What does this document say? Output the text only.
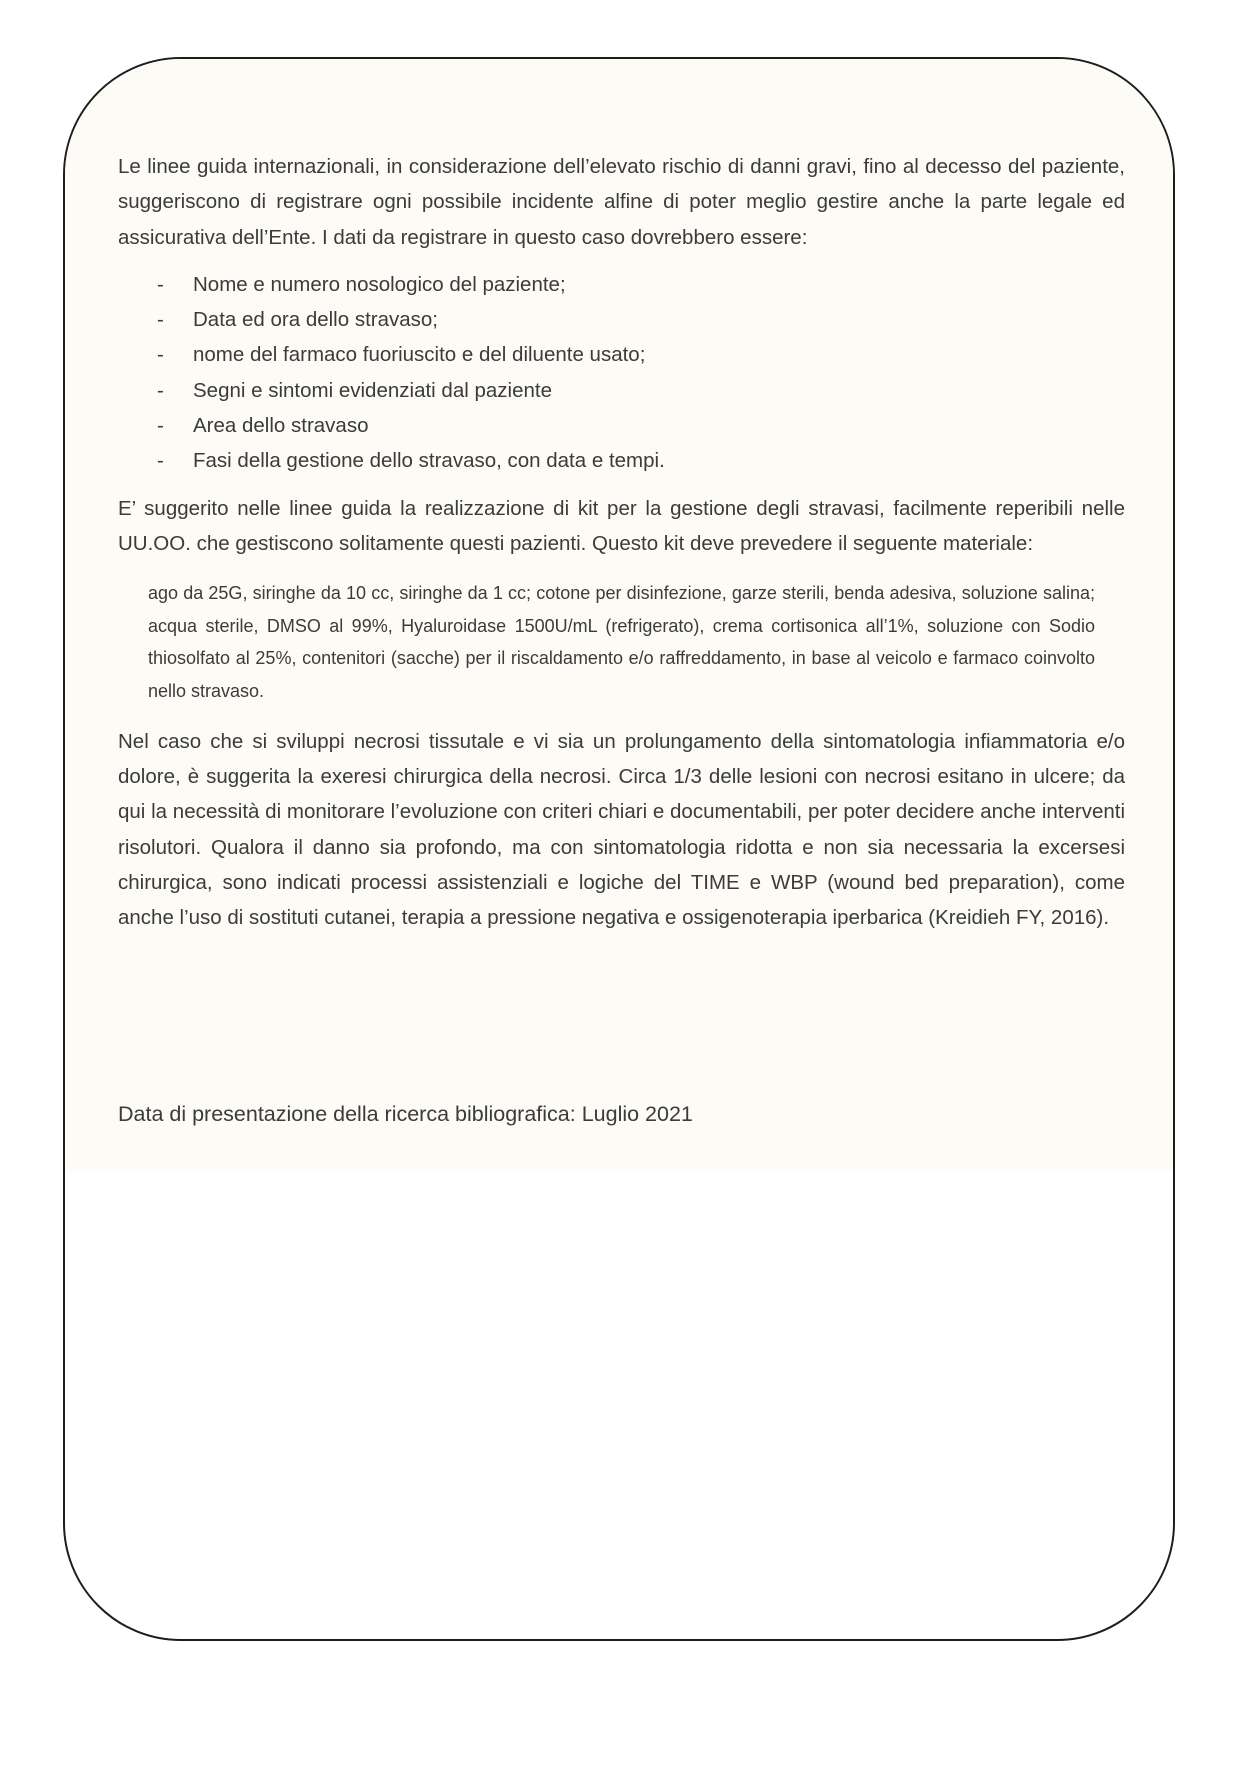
Le linee guida internazionali, in considerazione dell’elevato rischio di danni gravi, fino al decesso del paziente, suggeriscono di registrare ogni possibile incidente alfine di poter meglio gestire anche la parte legale ed assicurativa dell’Ente. I dati da registrare in questo caso dovrebbero essere:

- Nome e numero nosologico del paziente;
- Data ed ora dello stravaso;
- nome del farmaco fuoriuscito e del diluente usato;
- Segni e sintomi evidenziati dal paziente
- Area dello stravaso
- Fasi della gestione dello stravaso, con data e tempi.

E’ suggerito nelle linee guida la realizzazione di kit per la gestione degli stravasi, facilmente reperibili nelle UU.OO. che gestiscono solitamente questi pazienti. Questo kit deve prevedere il seguente materiale:

ago da 25G, siringhe da 10 cc, siringhe da 1 cc; cotone per disinfezione, garze sterili, benda adesiva, soluzione salina; acqua sterile, DMSO al 99%, Hyaluroidase 1500U/mL (refrigerato), crema cortisonica all’1%, soluzione con Sodio thiosolfato al 25%, contenitori (sacche) per il riscaldamento e/o raffreddamento, in base al veicolo e farmaco coinvolto nello stravaso.

Nel caso che si sviluppi necrosi tissutale e vi sia un prolungamento della sintomatologia infiammatoria e/o dolore, è suggerita la exeresi chirurgica della necrosi. Circa 1/3 delle lesioni con necrosi esitano in ulcere; da qui la necessità di monitorare l’evoluzione con criteri chiari e documentabili, per poter decidere anche interventi risolutori. Qualora il danno sia profondo, ma con sintomatologia ridotta e non sia necessaria la excersesi chirurgica, sono indicati processi assistenziali e logiche del TIME e WBP (wound bed preparation), come anche l’uso di sostituti cutanei, terapia a pressione negativa e ossigenoterapia iperbarica (Kreidieh FY, 2016).

Data di presentazione della ricerca bibliografica: Luglio 2021
